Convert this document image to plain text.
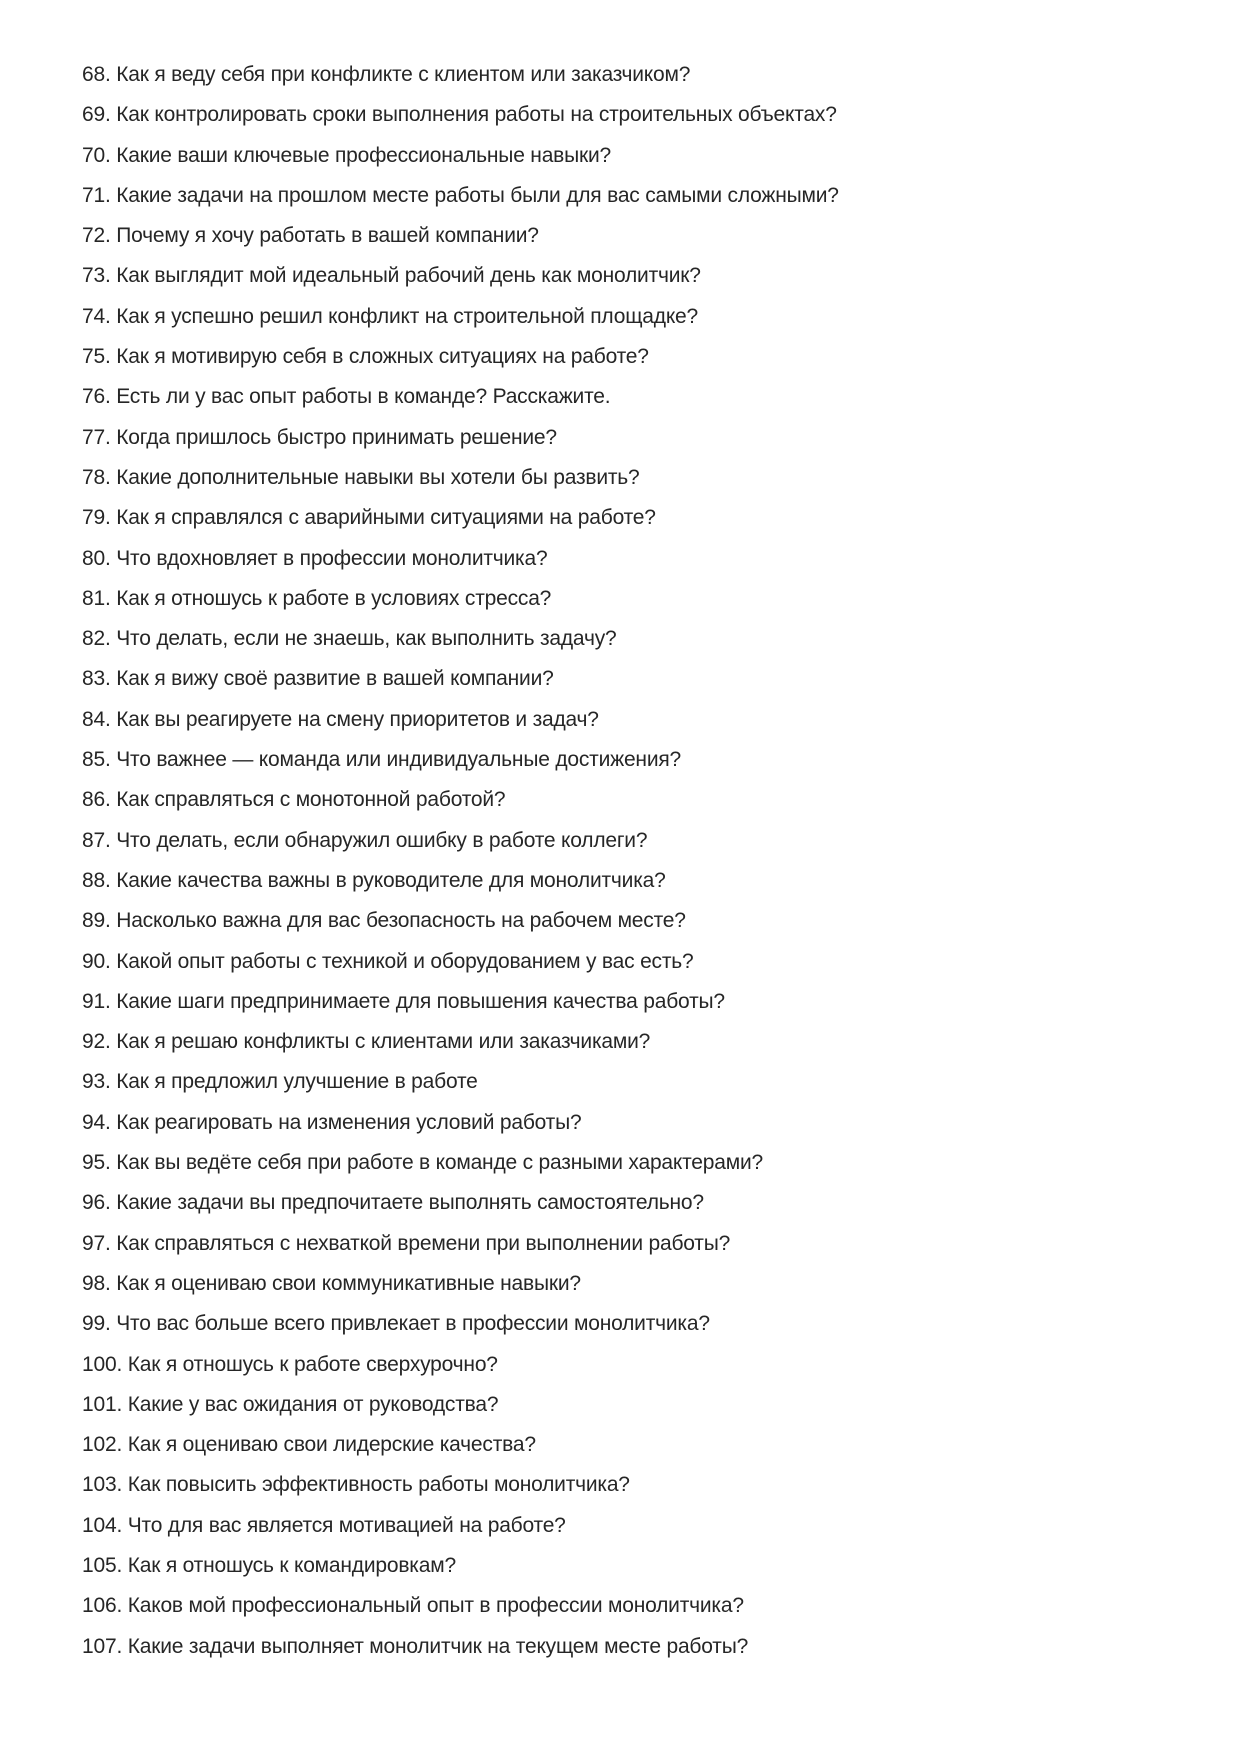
68. Как я веду себя при конфликте с клиентом или заказчиком?

69. Как контролировать сроки выполнения работы на строительных объектах?

70. Какие ваши ключевые профессиональные навыки?

71. Какие задачи на прошлом месте работы были для вас самыми сложными?

72. Почему я хочу работать в вашей компании?

73. Как выглядит мой идеальный рабочий день как монолитчик?

74. Как я успешно решил конфликт на строительной площадке?

75. Как я мотивирую себя в сложных ситуациях на работе?

76. Есть ли у вас опыт работы в команде? Расскажите.

77. Когда пришлось быстро принимать решение?

78. Какие дополнительные навыки вы хотели бы развить?

79. Как я справлялся с аварийными ситуациями на работе?

80. Что вдохновляет в профессии монолитчика?

81. Как я отношусь к работе в условиях стресса?

82. Что делать, если не знаешь, как выполнить задачу?

83. Как я вижу своё развитие в вашей компании?

84. Как вы реагируете на смену приоритетов и задач?

85. Что важнее — команда или индивидуальные достижения?

86. Как справляться с монотонной работой?

87. Что делать, если обнаружил ошибку в работе коллеги?

88. Какие качества важны в руководителе для монолитчика?

89. Насколько важна для вас безопасность на рабочем месте?

90. Какой опыт работы с техникой и оборудованием у вас есть?

91. Какие шаги предпринимаете для повышения качества работы?

92. Как я решаю конфликты с клиентами или заказчиками?

93. Как я предложил улучшение в работе

94. Как реагировать на изменения условий работы?

95. Как вы ведёте себя при работе в команде с разными характерами?

96. Какие задачи вы предпочитаете выполнять самостоятельно?

97. Как справляться с нехваткой времени при выполнении работы?

98. Как я оцениваю свои коммуникативные навыки?

99. Что вас больше всего привлекает в профессии монолитчика?

100. Как я отношусь к работе сверхурочно?

101. Какие у вас ожидания от руководства?

102. Как я оцениваю свои лидерские качества?

103. Как повысить эффективность работы монолитчика?

104. Что для вас является мотивацией на работе?

105. Как я отношусь к командировкам?

106. Каков мой профессиональный опыт в профессии монолитчика?

107. Какие задачи выполняет монолитчик на текущем месте работы?
